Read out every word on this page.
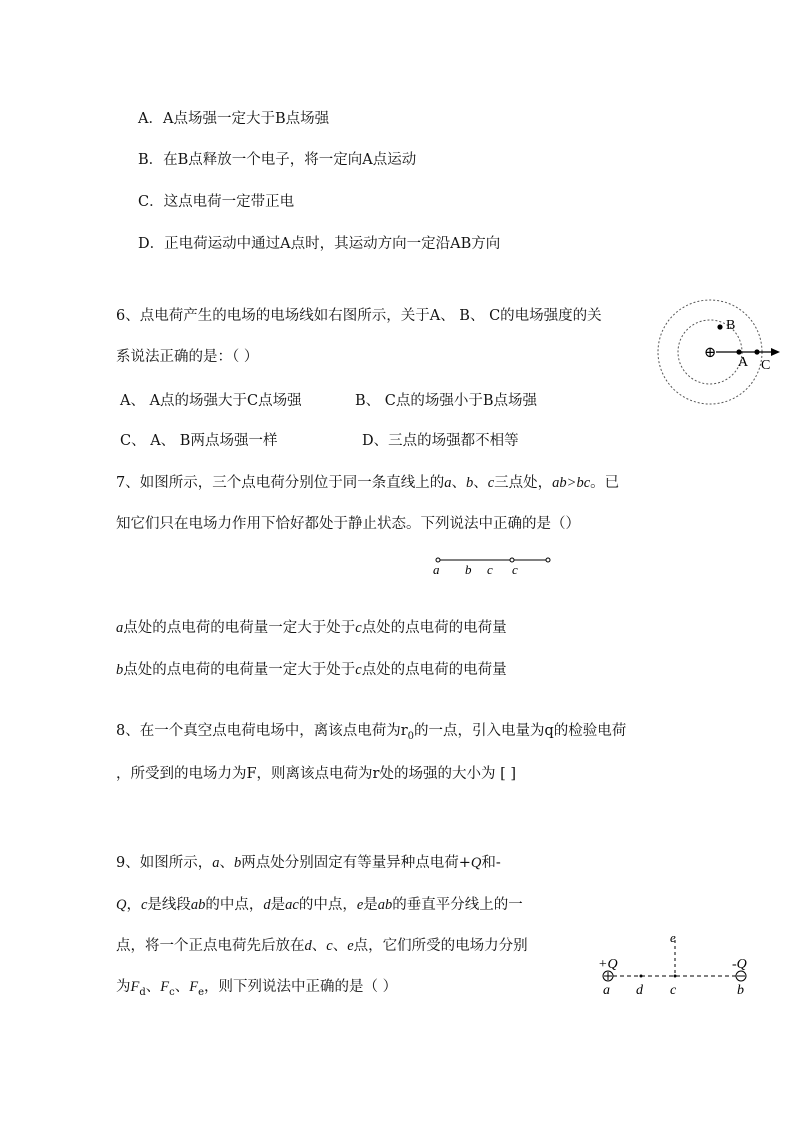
A．A点场强一定大于B点场强
B．在B点释放一个电子，将一定向A点运动
C．这点电荷一定带正电
D．正电荷运动中通过A点时，其运动方向一定沿AB方向
6、点电荷产生的电场的电场线如右图所示，关于A、 B、 C的电场强度的关
系说法正确的是：（ ）
A、 A点的场强大于C点场强	B、 C点的场强小于B点场强
C、 A、 B两点场强一样	D、三点的场强都不相等
⊕
B
A C
7、如图所示，三个点电荷分别位于同一条直线上的a、b、c三点处，ab>bc。已
知它们只在电场力作用下恰好都处于静止状态。下列说法中正确的是（）
a b c c
a点处的点电荷的电荷量一定大于处于c点处的点电荷的电荷量
b点处的点电荷的电荷量一定大于处于c点处的点电荷的电荷量
8、在一个真空点电荷电场中，离该点电荷为$r_0$的一点，引入电量为q的检验电荷
，所受到的电场力为F，则离该点电荷为r处的场强的大小为 [ ]
9、如图所示，a、b两点处分别固定有等量异种点电荷+Q和-
Q，c是线段ab的中点，d是ac的中点，e是ab的垂直平分线上的一
点，将一个正点电荷先后放在d、c、e点，它们所受的电场力分别
为$F_d$、$F_c$、$F_e$，则下列说法中正确的是（ ）
+Q	-Q
a d c	b
e
